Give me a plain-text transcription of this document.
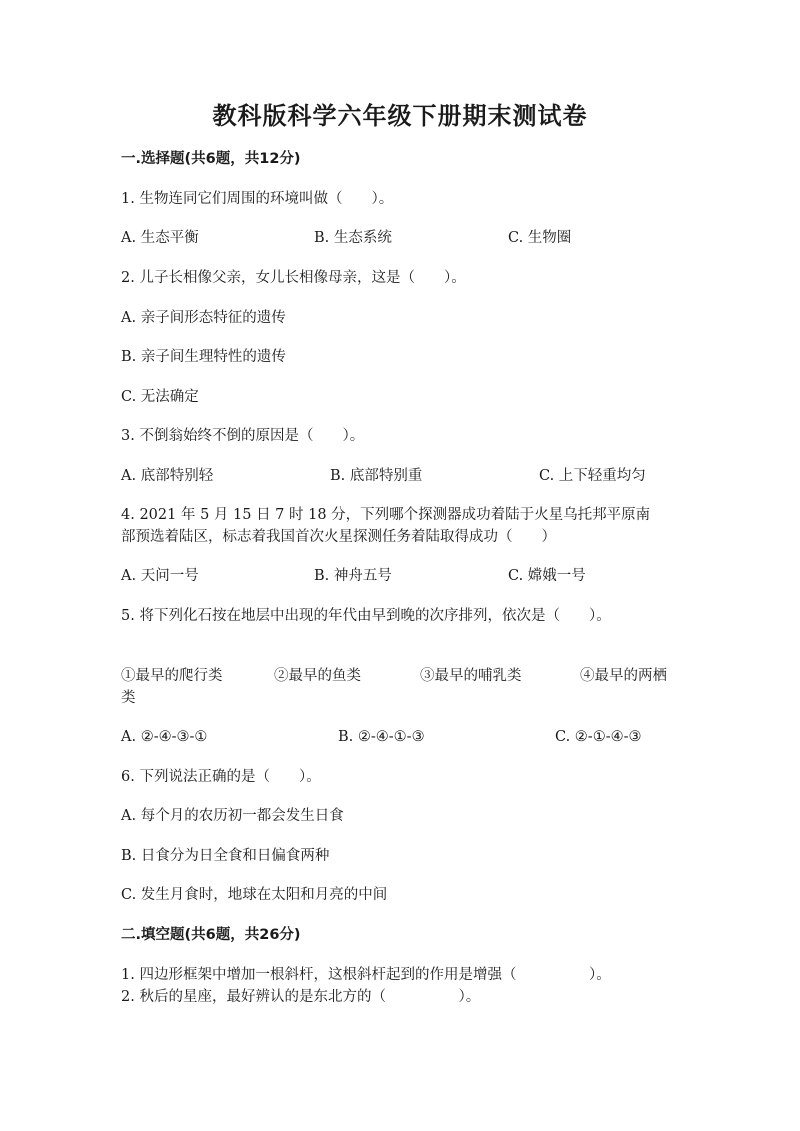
教科版科学六年级下册期末测试卷
一.选择题(共6题，共12分)
1. 生物连同它们周围的环境叫做（　　）。
A. 生态平衡	B. 生态系统	C. 生物圈
2. 儿子长相像父亲，女儿长相像母亲，这是（　　）。
A. 亲子间形态特征的遗传
B. 亲子间生理特性的遗传
C. 无法确定
3. 不倒翁始终不倒的原因是（　　）。
A. 底部特别轻	B. 底部特别重	C. 上下轻重均匀
4. 2021 年 5 月 15 日 7 时 18 分，下列哪个探测器成功着陆于火星乌托邦平原南
部预选着陆区，标志着我国首次火星探测任务着陆取得成功（　　）
A. 天问一号	B. 神舟五号	C. 嫦娥一号
5. 将下列化石按在地层中出现的年代由早到晚的次序排列，依次是（　　）。
①最早的爬行类	②最早的鱼类	③最早的哺乳类	④最早的两栖
类
A. ②-④-③-①	B. ②-④-①-③	C. ②-①-④-③
6. 下列说法正确的是（　　）。
A. 每个月的农历初一都会发生日食
B. 日食分为日全食和日偏食两种
C. 发生月食时，地球在太阳和月亮的中间
二.填空题(共6题，共26分)
1. 四边形框架中增加一根斜杆，这根斜杆起到的作用是增强（　　　　　）。
2. 秋后的星座，最好辨认的是东北方的（　　　　　）。
